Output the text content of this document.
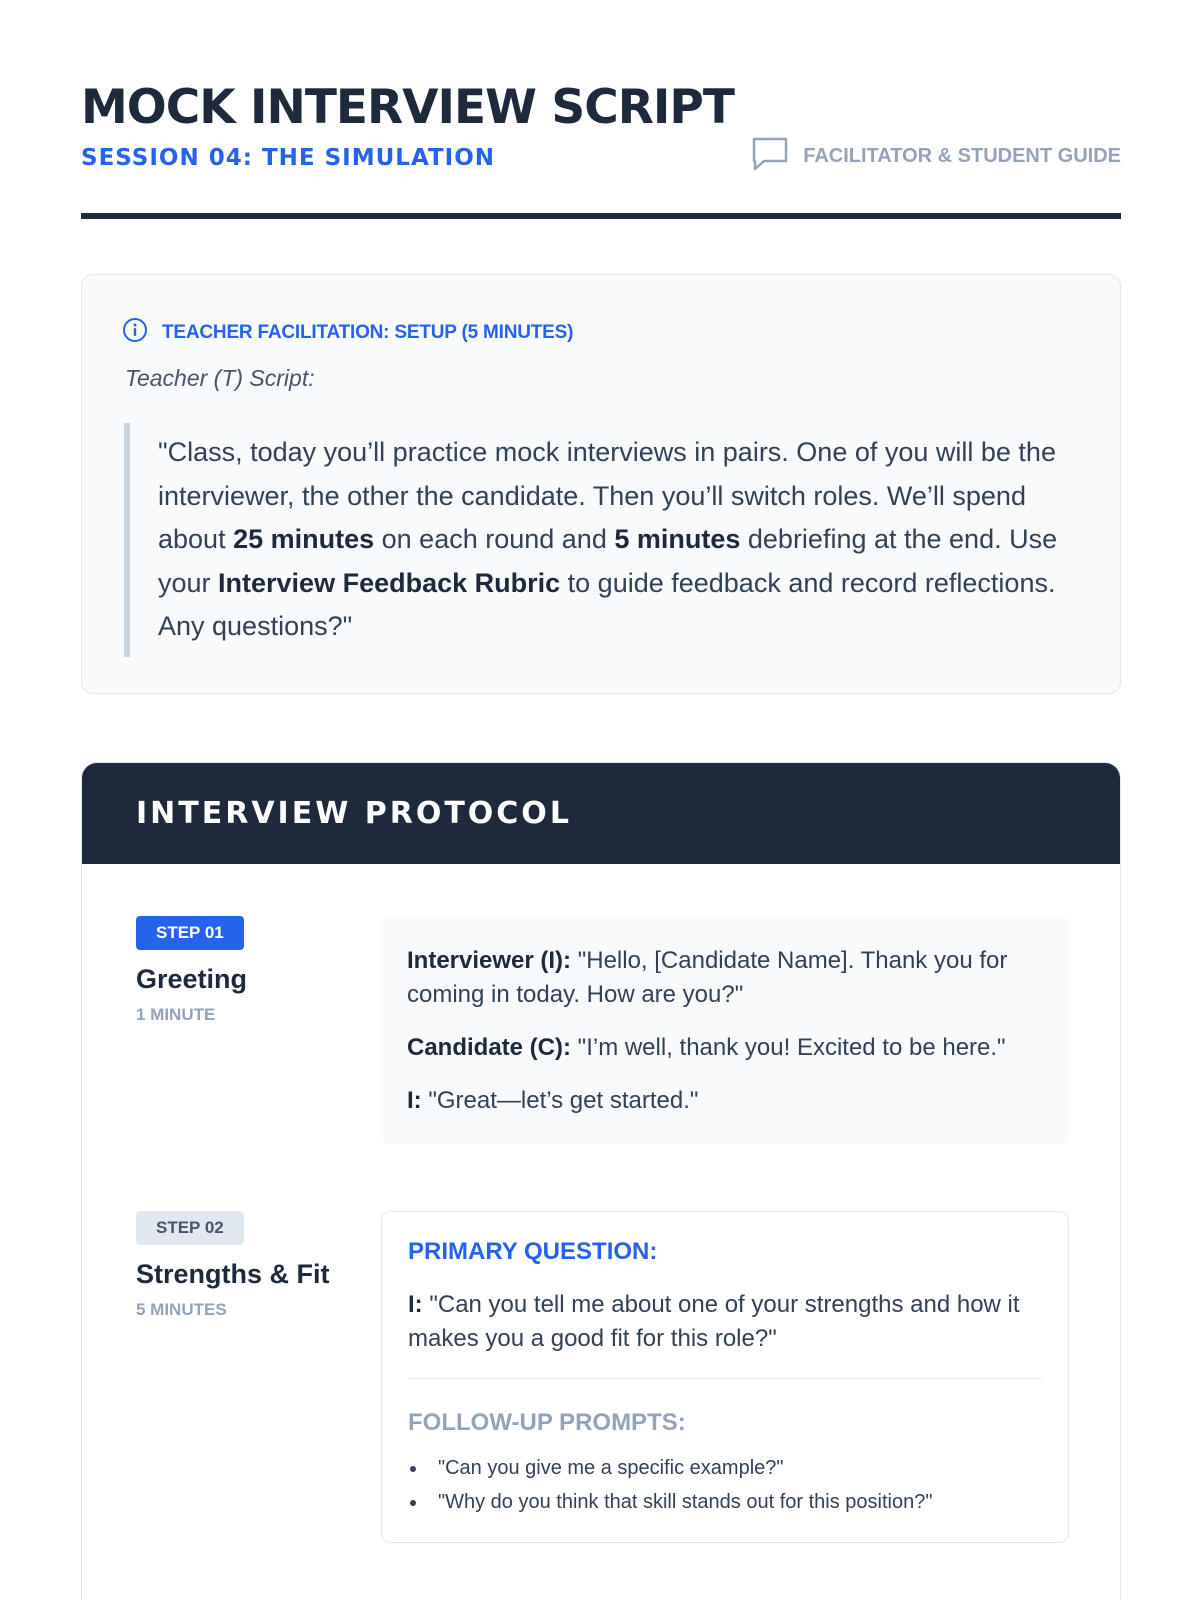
MOCK INTERVIEW SCRIPT
SESSION 04: THE SIMULATION	FACILITATOR & STUDENT GUIDE
TEACHER FACILITATION: SETUP (5 MINUTES)
Teacher (T) Script:
"Class, today you’ll practice mock interviews in pairs. One of you will be the interviewer, the other the candidate. Then you’ll switch roles. We’ll spend about 25 minutes on each round and 5 minutes debriefing at the end. Use your Interview Feedback Rubric to guide feedback and record reflections. Any questions?"
INTERVIEW PROTOCOL
STEP 01
Greeting
1 MINUTE
Interviewer (I): "Hello, [Candidate Name]. Thank you for coming in today. How are you?"
Candidate (C): "I’m well, thank you! Excited to be here."
I: "Great—let’s get started."
STEP 02
Strengths & Fit
5 MINUTES
PRIMARY QUESTION:
I: "Can you tell me about one of your strengths and how it makes you a good fit for this role?"
FOLLOW-UP PROMPTS:
"Can you give me a specific example?"
"Why do you think that skill stands out for this position?"
